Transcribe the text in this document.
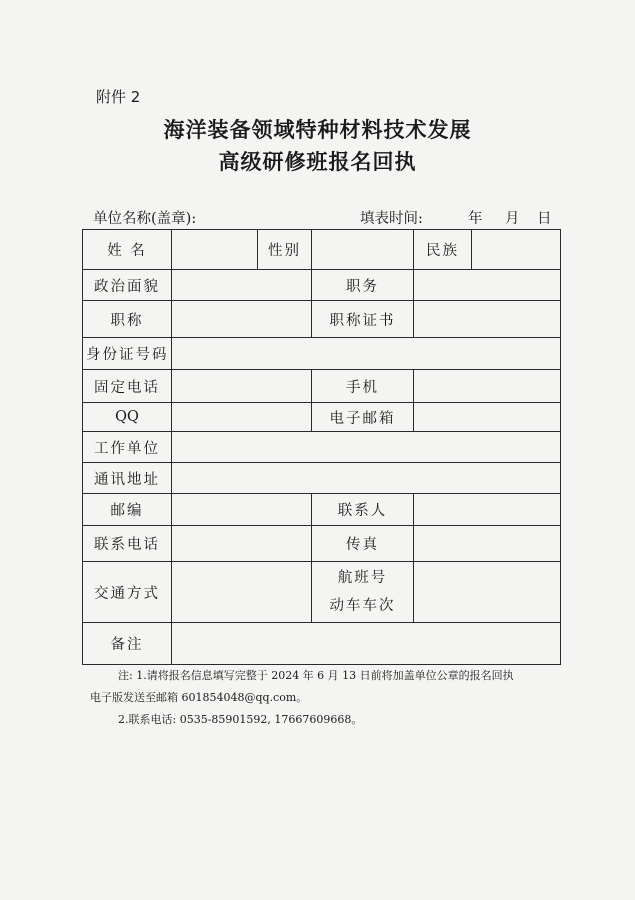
附件 2
海洋装备领域特种材料技术发展
高级研修班报名回执
单位名称(盖章):	填表时间:	年 月 日
姓 名		性别		民族	
政治面貌			职务		
职称			职称证书		
身份证号码					
固定电话			手机		
QQ			电子邮箱		
工作单位					
通讯地址					
邮编			联系人		
联系电话			传真		
交通方式			航班号
动车车次		

备注					
注: 1.请将报名信息填写完整于 2024 年 6 月 13 日前将加盖单位公章的报名回执
电子版发送至邮箱 601854048@qq.com。
2.联系电话: 0535-85901592, 17667609668。
